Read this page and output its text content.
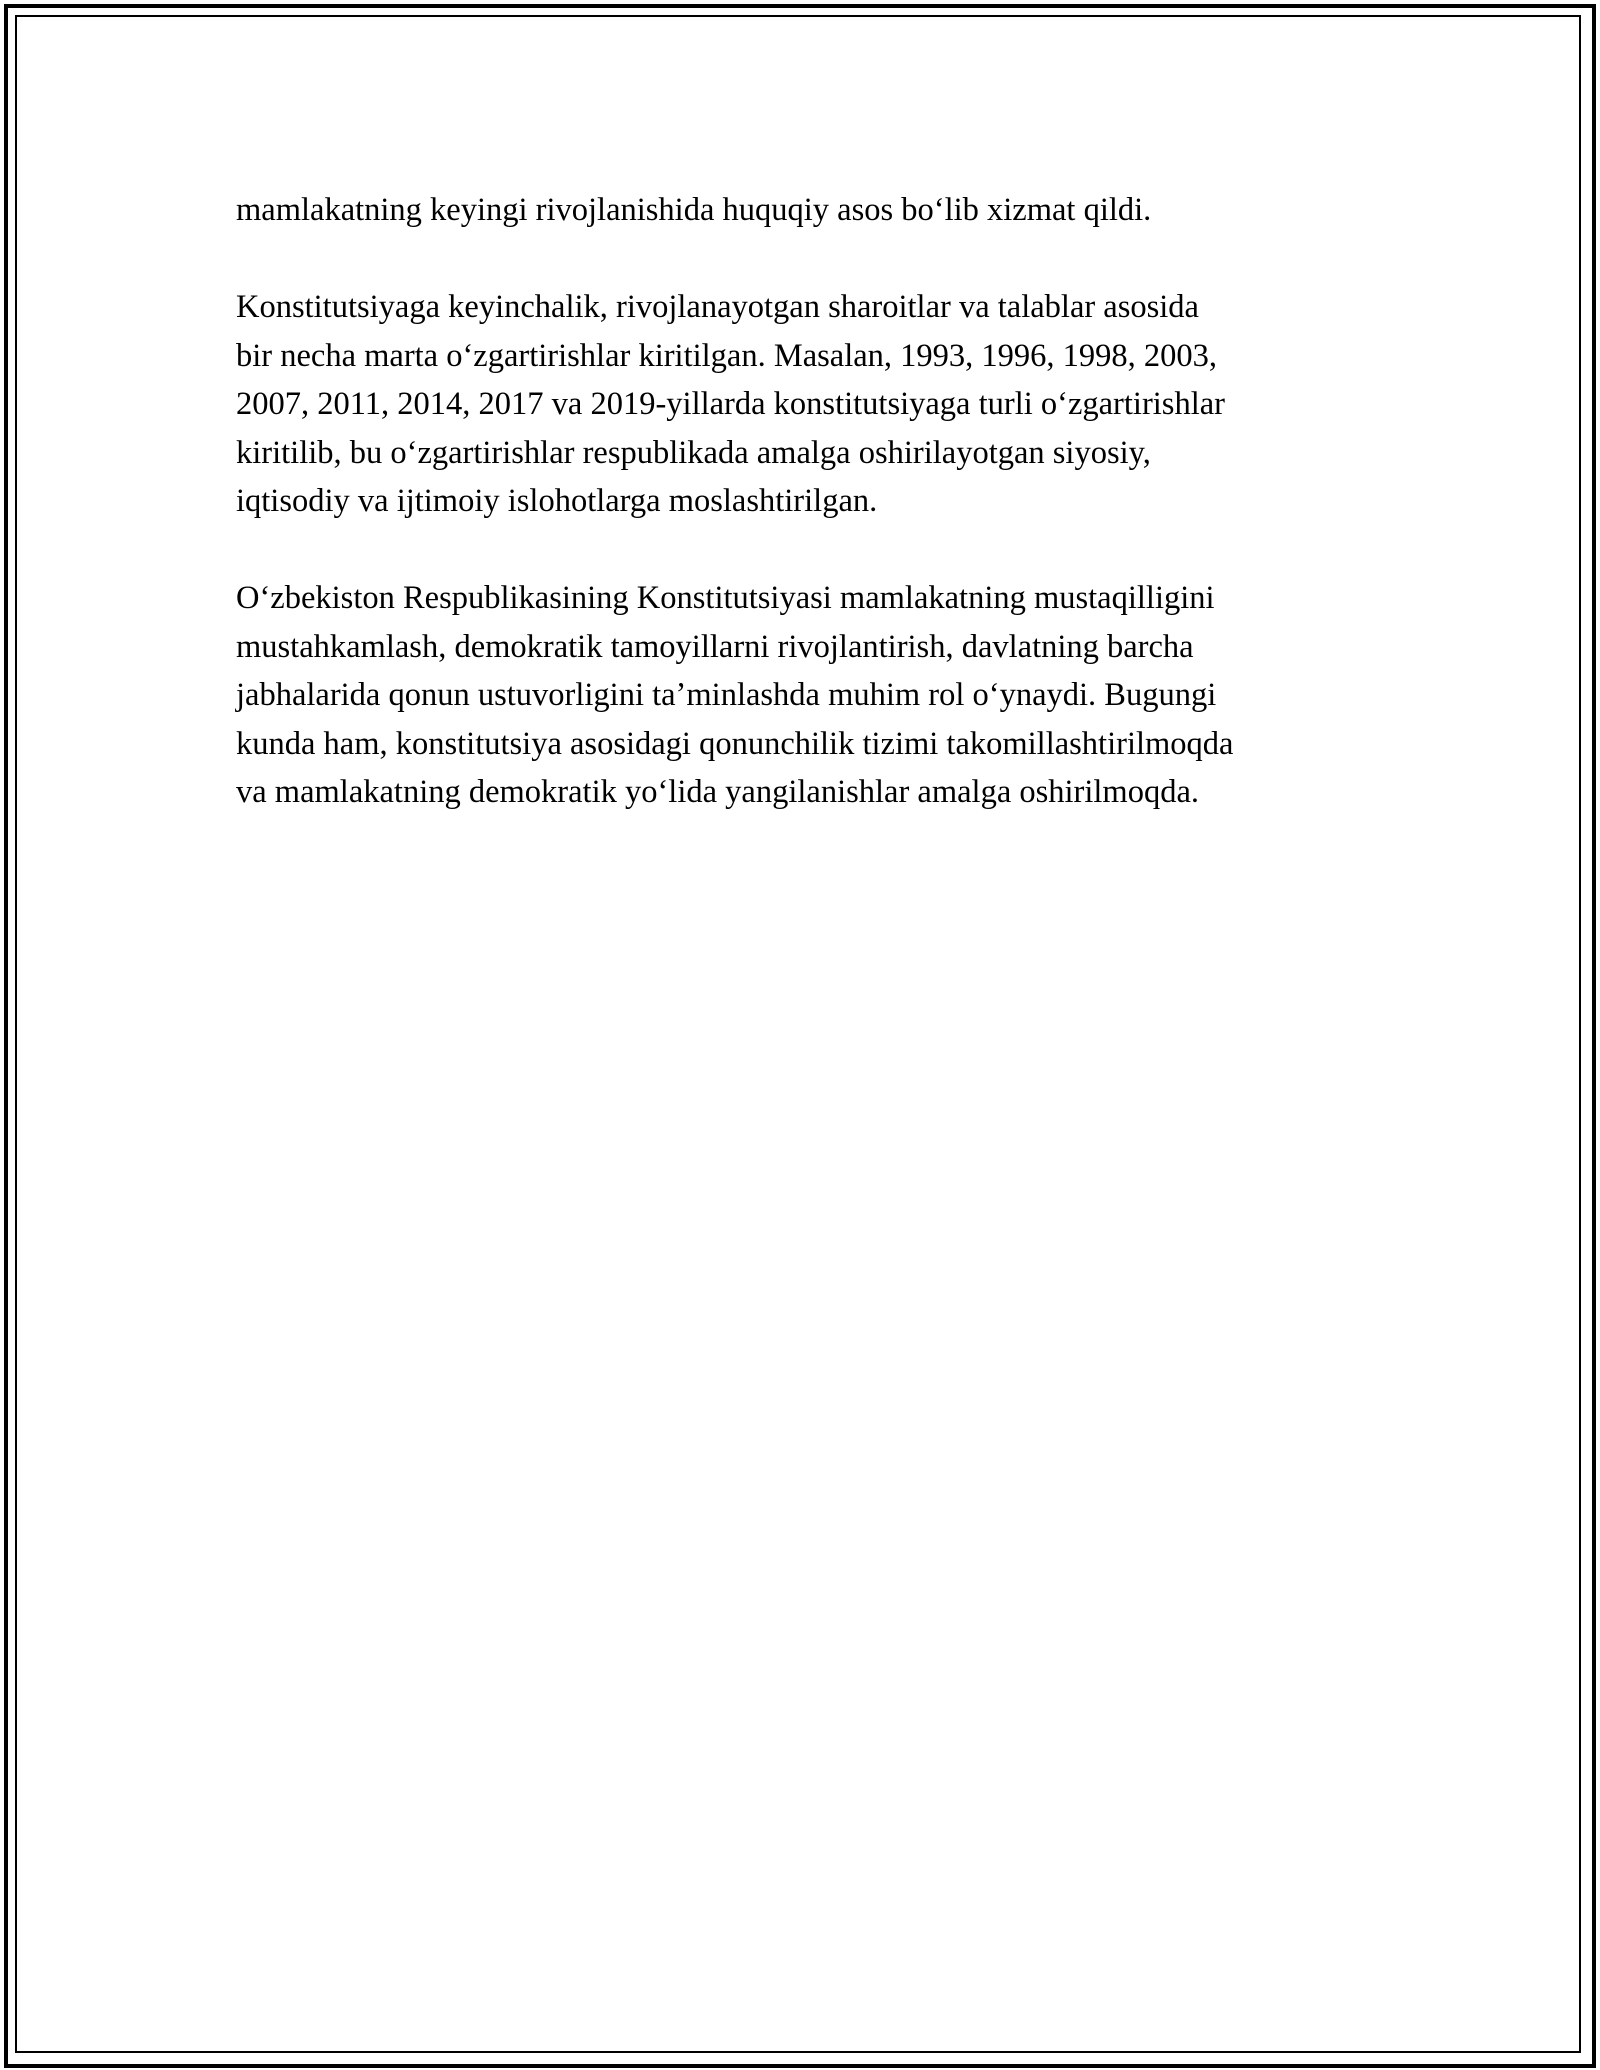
mamlakatning keyingi rivojlanishida huquqiy asos boʻlib xizmat qildi.

Konstitutsiyaga keyinchalik, rivojlanayotgan sharoitlar va talablar asosida
bir necha marta oʻzgartirishlar kiritilgan. Masalan, 1993, 1996, 1998, 2003,
2007, 2011, 2014, 2017 va 2019-yillarda konstitutsiyaga turli oʻzgartirishlar
kiritilib, bu oʻzgartirishlar respublikada amalga oshirilayotgan siyosiy,
iqtisodiy va ijtimoiy islohotlarga moslashtirilgan.

Oʻzbekiston Respublikasining Konstitutsiyasi mamlakatning mustaqilligini
mustahkamlash, demokratik tamoyillarni rivojlantirish, davlatning barcha
jabhalarida qonun ustuvorligini taʼminlashda muhim rol oʻynaydi. Bugungi
kunda ham, konstitutsiya asosidagi qonunchilik tizimi takomillashtirilmoqda
va mamlakatning demokratik yoʻlida yangilanishlar amalga oshirilmoqda.
